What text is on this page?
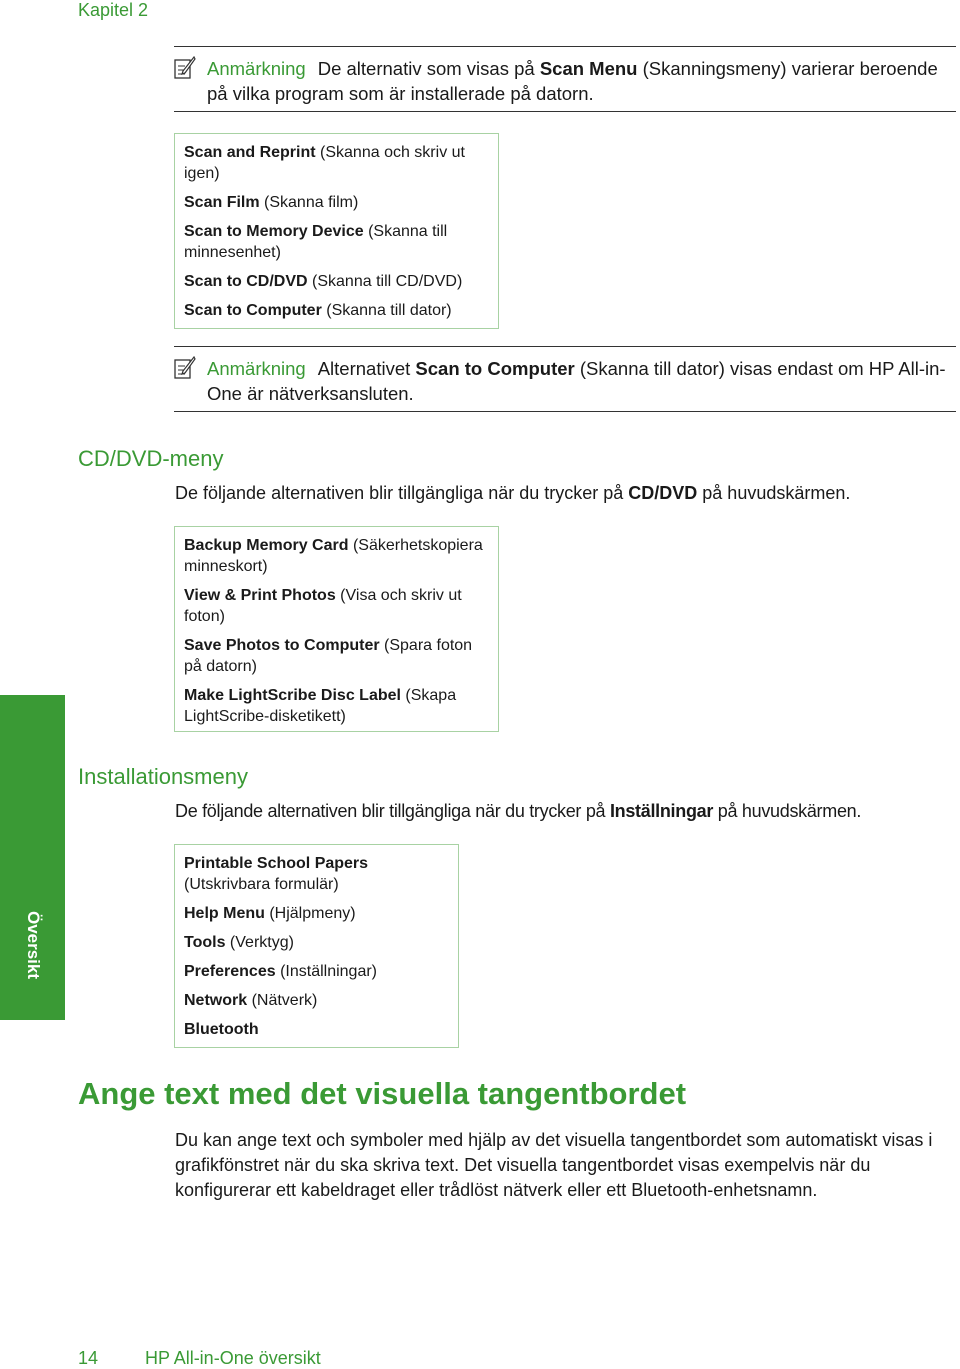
Kapitel 2
Anmärkning De alternativ som visas på Scan Menu (Skanningsmeny) varierar beroende på vilka program som är installerade på datorn.
Scan and Reprint (Skanna och skriv ut igen)
Scan Film (Skanna film)
Scan to Memory Device (Skanna till minnesenhet)
Scan to CD/DVD (Skanna till CD/DVD)
Scan to Computer (Skanna till dator)
Anmärkning Alternativet Scan to Computer (Skanna till dator) visas endast om HP All-in-One är nätverksansluten.
CD/DVD-meny
De följande alternativen blir tillgängliga när du trycker på CD/DVD på huvudskärmen.
Backup Memory Card (Säkerhetskopiera minneskort)
View & Print Photos (Visa och skriv ut foton)
Save Photos to Computer (Spara foton på datorn)
Make LightScribe Disc Label (Skapa LightScribe-disketikett)
Översikt
Installationsmeny
De följande alternativen blir tillgängliga när du trycker på Inställningar på huvudskärmen.
Printable School Papers (Utskrivbara formulär)
Help Menu (Hjälpmeny)
Tools (Verktyg)
Preferences (Inställningar)
Network (Nätverk)
Bluetooth
Ange text med det visuella tangentbordet
Du kan ange text och symboler med hjälp av det visuella tangentbordet som automatiskt visas i grafikfönstret när du ska skriva text. Det visuella tangentbordet visas exempelvis när du konfigurerar ett kabeldraget eller trådlöst nätverk eller ett Bluetooth-enhetsnamn.
14	HP All-in-One översikt
